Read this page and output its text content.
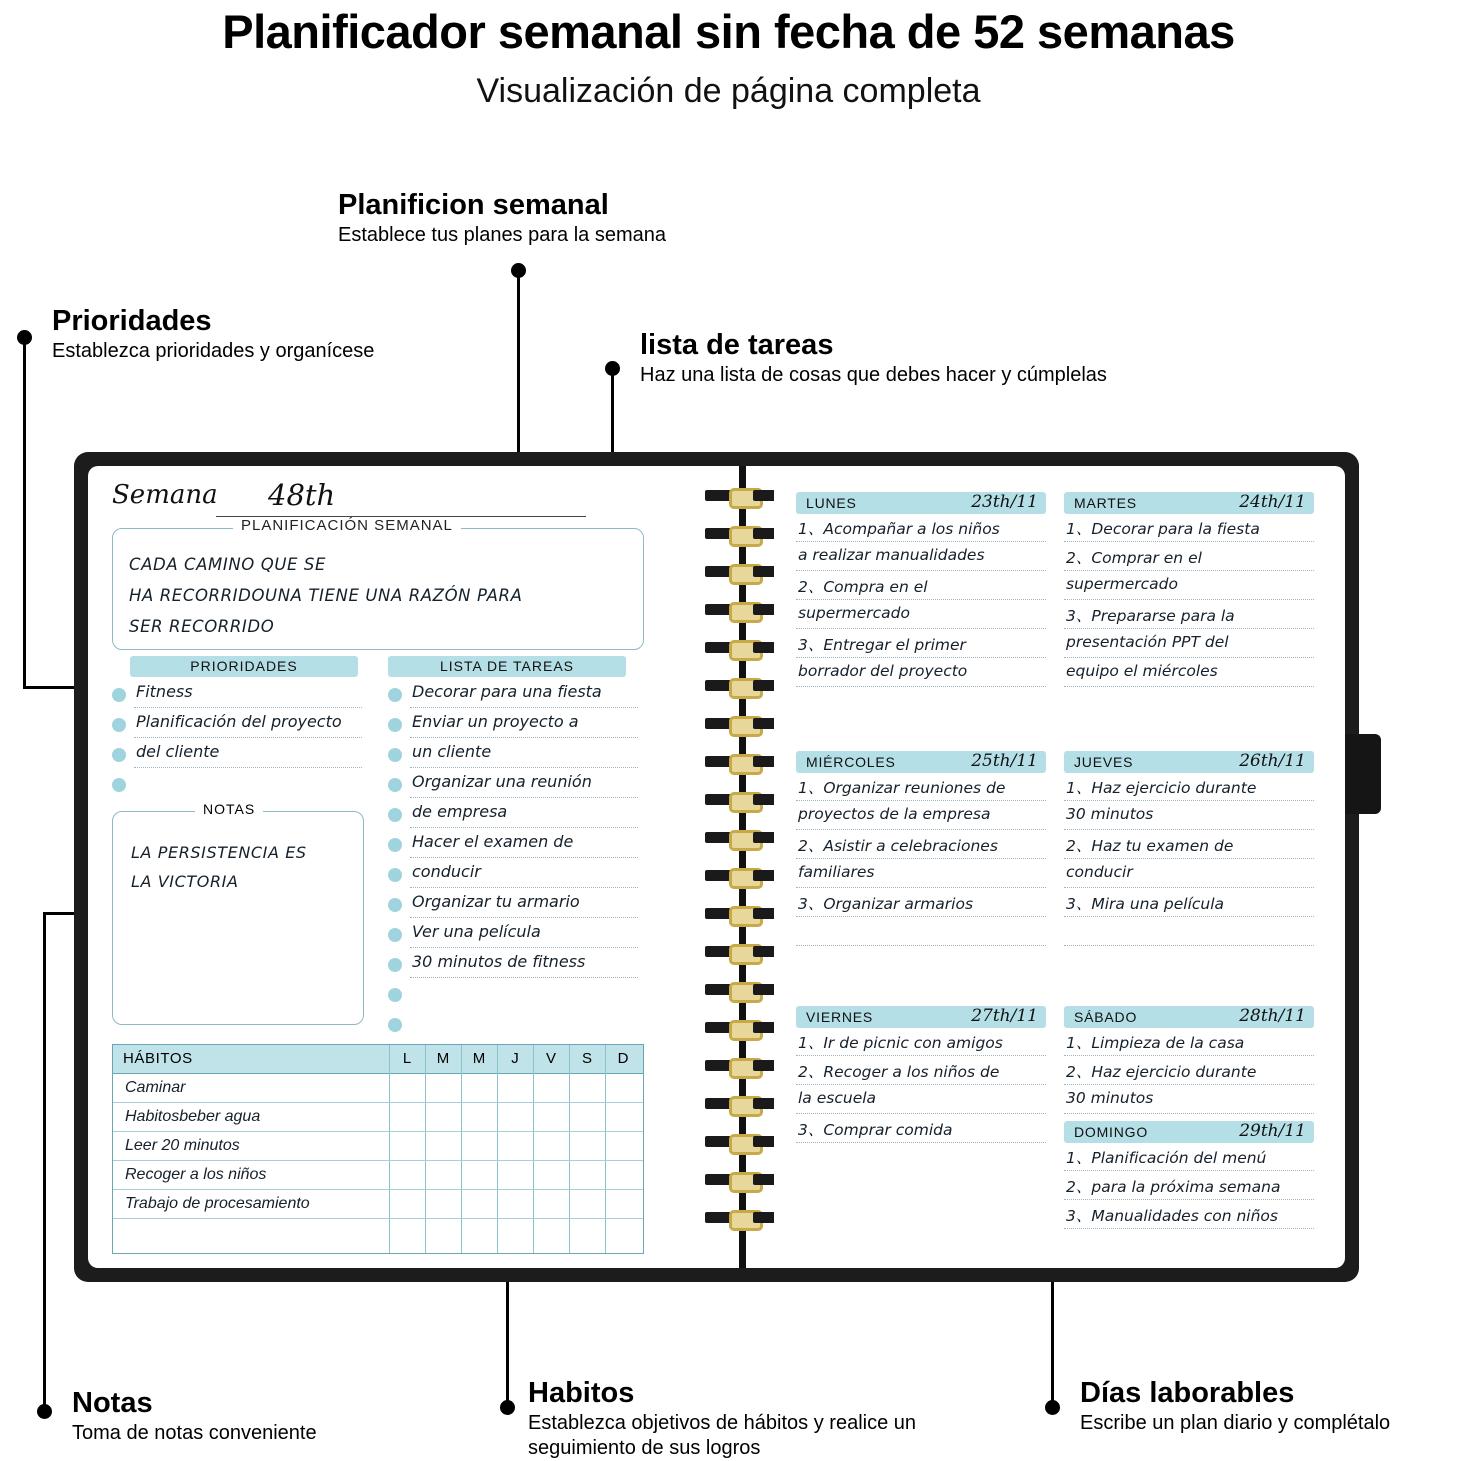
Planificador semanal sin fecha de 52 semanas
Visualización de página completa
Planificion semanal
Establece tus planes para la semana
Prioridades
Establezca prioridades y organícese	lista de tareas
Haz una lista de cosas que debes hacer y cúmplelas
Notas
Toma de notas conveniente
Habitos
Establezca objetivos de hábitos y realice un seguimiento de sus logros
Días laborables
Escribe un plan diario y complétalo
Semana 48th
PLANIFICACIÓN SEMANAL
CADA CAMINO QUE SE
HA RECORRIDOUNA TIENE UNA RAZÓN PARA
SER RECORRIDO
PRIORIDADES
Fitness
Planificación del proyecto
del cliente
LISTA DE TAREAS
Decorar para una fiesta
Enviar un proyecto a
un cliente
Organizar una reunión
de empresa
Hacer el examen de
conducir
Organizar tu armario
Ver una película
30 minutos de fitness
NOTAS
LA PERSISTENCIA ES
LA VICTORIA
HÁBITOS	L	M	M	J	V	S	D
Caminar
Habitosbeber agua
Leer 20 minutos
Recoger a los niños
Trabajo de procesamiento
LUNES	23th/11
1、Acompañar a los niños
a realizar manualidades
2、Compra en el
supermercado
3、Entregar el primer
borrador del proyecto
MARTES	24th/11
1、Decorar para la fiesta
2、Comprar en el
supermercado
3、Prepararse para la
presentación PPT del
equipo el miércoles
MIÉRCOLES	25th/11
1、Organizar reuniones de
proyectos de la empresa
2、Asistir a celebraciones
familiares
3、Organizar armarios
JUEVES	26th/11
1、Haz ejercicio durante
30 minutos
2、Haz tu examen de
conducir
3、Mira una película
VIERNES	27th/11
1、Ir de picnic con amigos
2、Recoger a los niños de
la escuela
3、Comprar comida
SÁBADO	28th/11
1、Limpieza de la casa
2、Haz ejercicio durante
30 minutos
DOMINGO	29th/11
1、Planificación del menú
2、para la próxima semana
3、Manualidades con niños
